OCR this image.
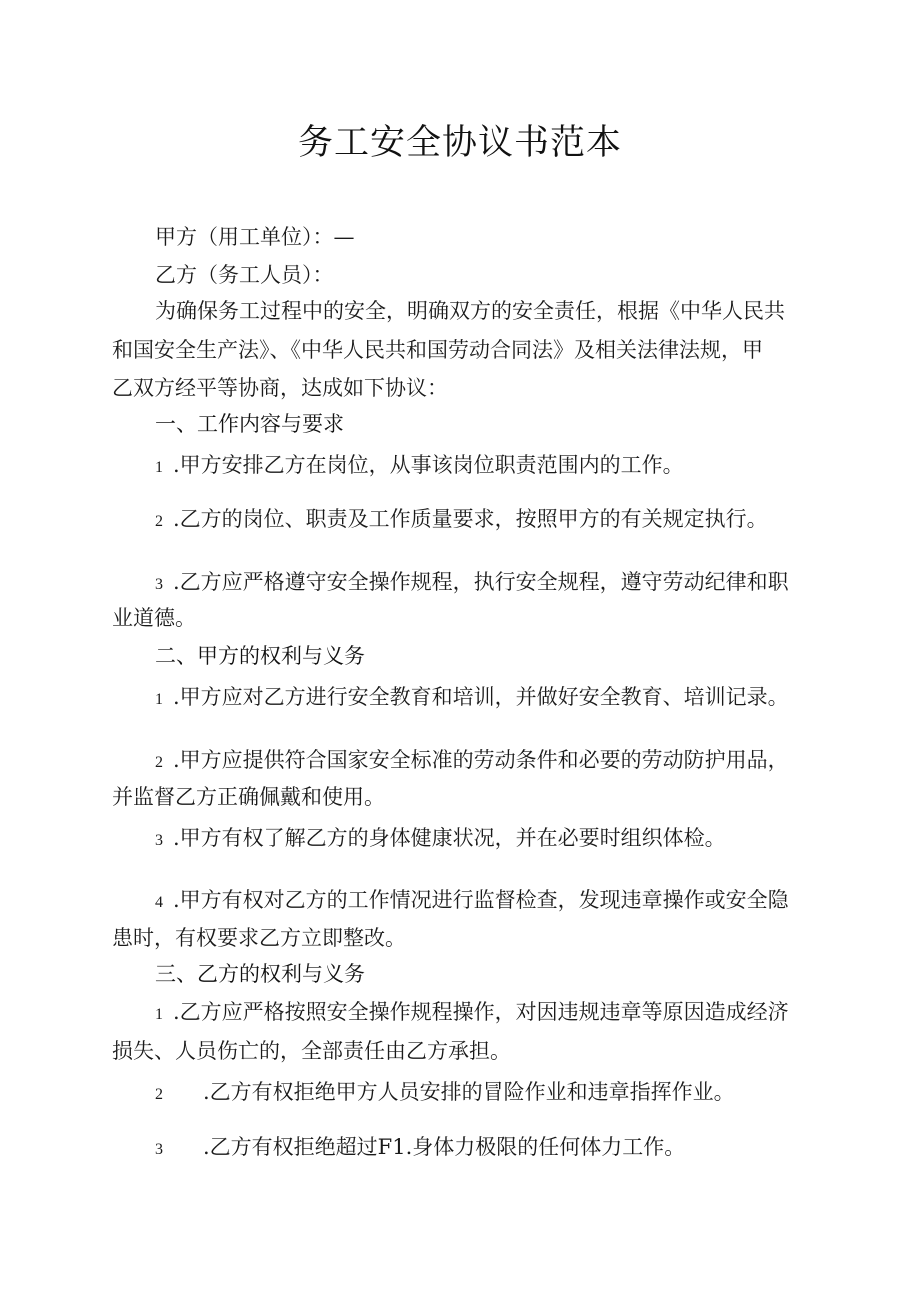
务工安全协议书范本
甲方（用工单位）：—
乙方（务工人员）：
为确保务工过程中的安全，明确双方的安全责任，根据《中华人民共
和国安全生产法》、《中华人民共和国劳动合同法》及相关法律法规，甲
乙双方经平等协商，达成如下协议：
一、工作内容与要求
1 .甲方安排乙方在岗位，从事该岗位职责范围内的工作。
2 .乙方的岗位、职责及工作质量要求，按照甲方的有关规定执行。
3 .乙方应严格遵守安全操作规程，执行安全规程，遵守劳动纪律和职
业道德。
二、甲方的权利与义务
1 .甲方应对乙方进行安全教育和培训，并做好安全教育、培训记录。
2 .甲方应提供符合国家安全标准的劳动条件和必要的劳动防护用品，
并监督乙方正确佩戴和使用。
3 .甲方有权了解乙方的身体健康状况，并在必要时组织体检。
4 .甲方有权对乙方的工作情况进行监督检查，发现违章操作或安全隐
患时，有权要求乙方立即整改。
三、乙方的权利与义务
1 .乙方应严格按照安全操作规程操作，对因违规违章等原因造成经济
损失、人员伤亡的，全部责任由乙方承担。
2 .乙方有权拒绝甲方人员安排的冒险作业和违章指挥作业。
3 .乙方有权拒绝超过F1.身体力极限的任何体力工作。
